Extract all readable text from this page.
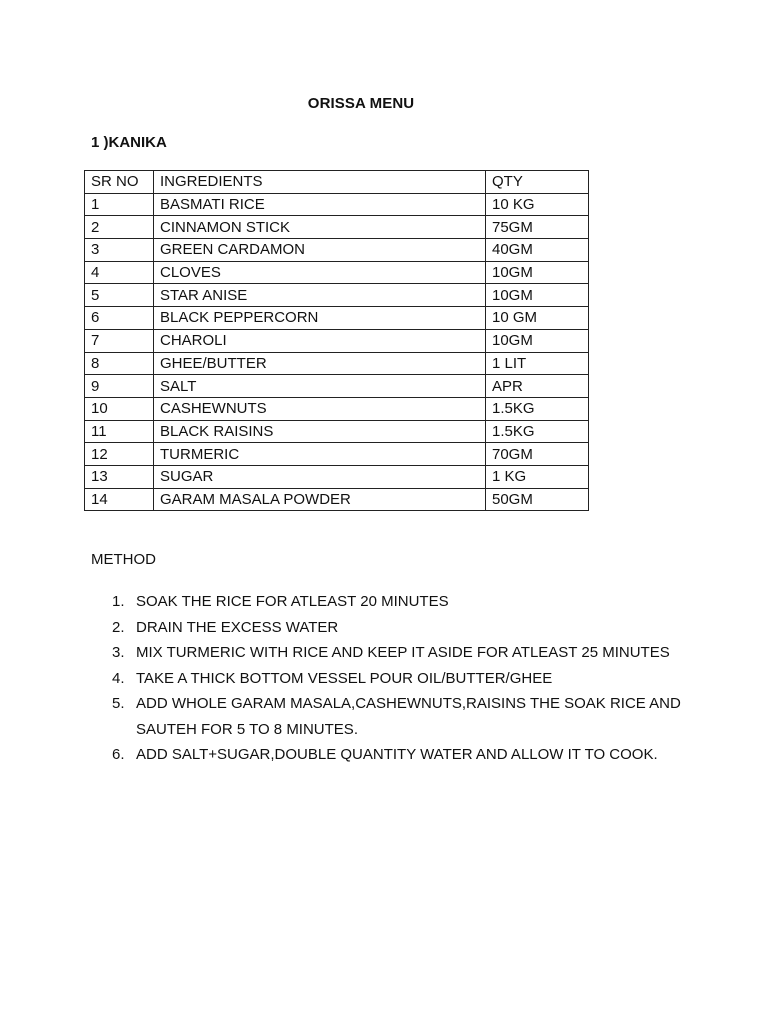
ORISSA MENU
1 )KANIKA
SR NO	INGREDIENTS	QTY
1	BASMATI RICE	10 KG
2	CINNAMON STICK	75GM
3	GREEN CARDAMON	40GM
4	CLOVES	10GM
5	STAR ANISE	10GM
6	BLACK PEPPERCORN	10 GM
7	CHAROLI	10GM
8	GHEE/BUTTER	1 LIT
9	SALT	APR
10	CASHEWNUTS	1.5KG
11	BLACK RAISINS	1.5KG
12	TURMERIC	70GM
13	SUGAR	1 KG
14	GARAM MASALA POWDER	50GM
METHOD
1. SOAK THE RICE FOR ATLEAST 20 MINUTES
2. DRAIN THE EXCESS WATER
3. MIX TURMERIC WITH RICE AND KEEP IT ASIDE FOR ATLEAST 25 MINUTES
4. TAKE A THICK BOTTOM VESSEL POUR OIL/BUTTER/GHEE
5. ADD WHOLE GARAM MASALA,CASHEWNUTS,RAISINS THE SOAK RICE AND SAUTEH FOR 5 TO 8 MINUTES.
6. ADD SALT+SUGAR,DOUBLE QUANTITY WATER AND ALLOW IT TO COOK.
